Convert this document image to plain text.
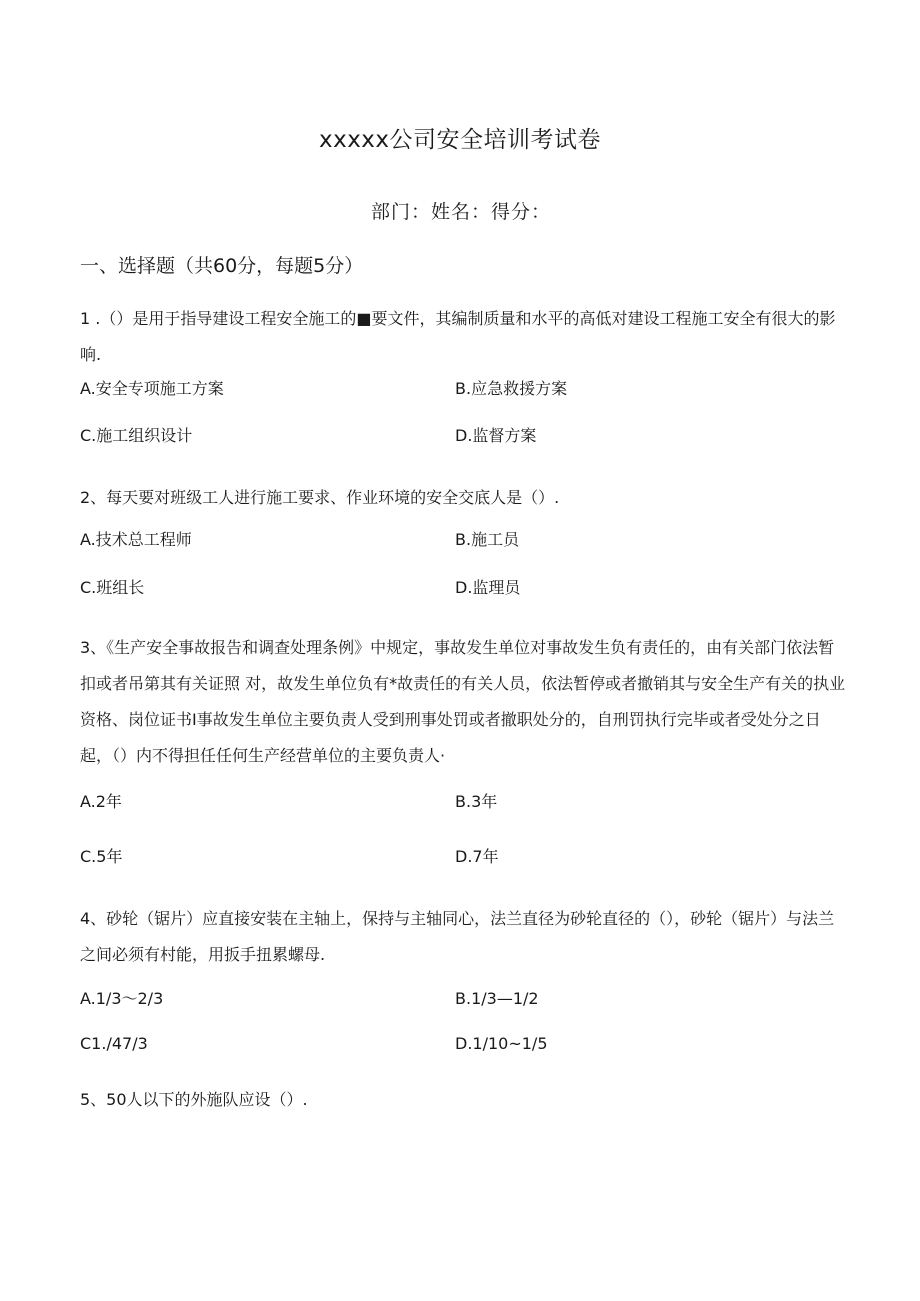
xxxxx公司安全培训考试卷
部门：姓名：得分：
一、选择题（共60分，每题5分）
1 .（）是用于指导建设工程安全施工的■要文件，其编制质量和水平的高低对建设工程施工安全有很大的影响.
A.安全专项施工方案	B.应急救援方案
C.施工组织设计	D.监督方案
2、每天要对班级工人进行施工要求、作业环境的安全交底人是（）.
A.技术总工程师	B.施工员
C.班组长	D.监理员
3、《生产安全事故报告和调查处理条例》中规定，事故发生单位对事故发生负有责任的，由有关部门依法暂扣或者吊第其有关证照 对，故发生单位负有*故责任的有关人员，依法暂停或者撤销其与安全生产有关的执业资格、岗位证书I事故发生单位主要负责人受到刑事处罚或者撤职处分的，自刑罚执行完毕或者受处分之日起，（）内不得担任任何生产经营单位的主要负责人·
A.2年	B.3年
C.5年	D.7年
4、砂轮（锯片）应直接安装在主轴上，保持与主轴同心，法兰直径为砂轮直径的（），砂轮（锯片）与法兰之间必须有村能，用扳手扭累螺母.
A.1/3～2/3	B.1/3—1/2
C1./47/3	D.1/10~1/5
5、50人以下的外施队应设（）.
